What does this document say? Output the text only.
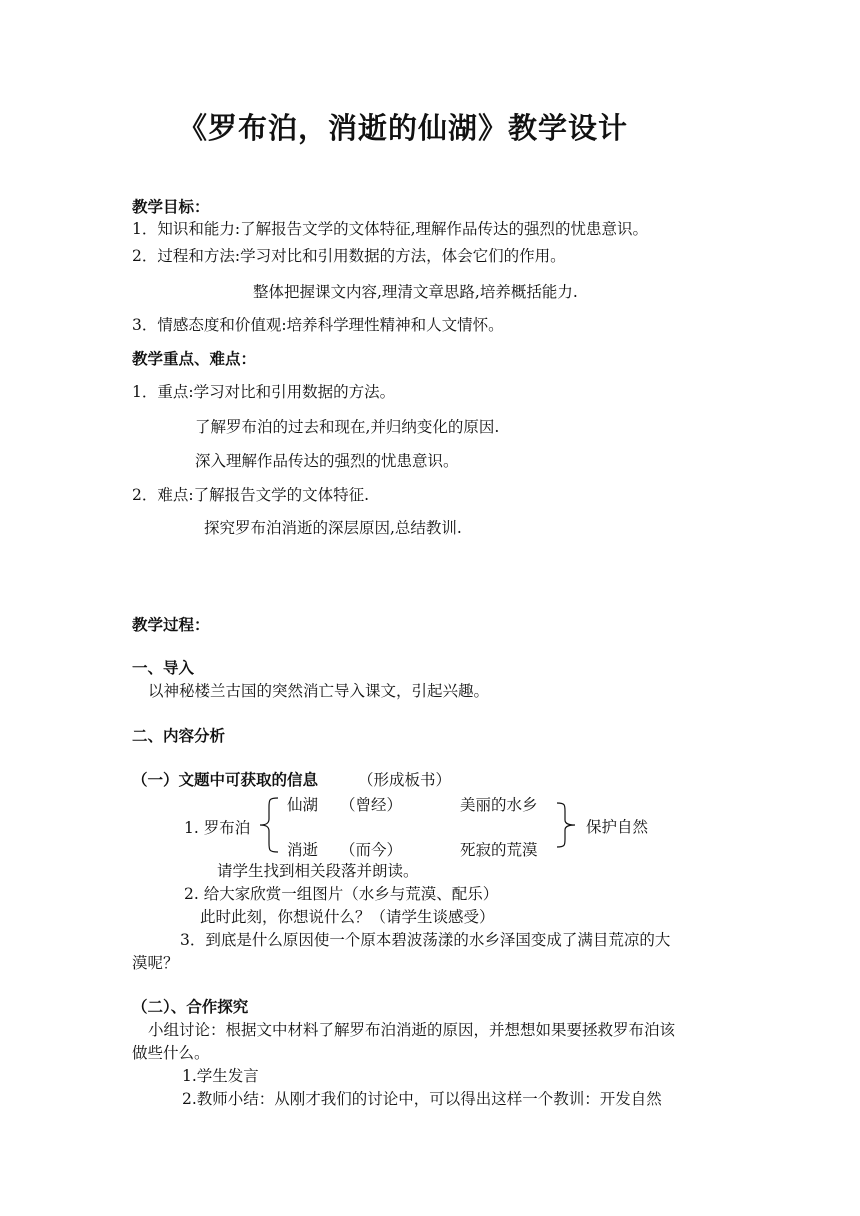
《罗布泊，消逝的仙湖》教学设计
教学目标：
1．知识和能力:了解报告文学的文体特征,理解作品传达的强烈的忧患意识。
2．过程和方法:学习对比和引用数据的方法，体会它们的作用。
整体把握课文内容,理清文章思路,培养概括能力.
3．情感态度和价值观:培养科学理性精神和人文情怀。
教学重点、难点：
1．重点:学习对比和引用数据的方法。
了解罗布泊的过去和现在,并归纳变化的原因.
深入理解作品传达的强烈的忧患意识。
2．难点:了解报告文学的文体特征.
探究罗布泊消逝的深层原因,总结教训.
教学过程：
一、导入
以神秘楼兰古国的突然消亡导入课文，引起兴趣。
二、内容分析
（一）文题中可获取的信息	（形成板书）
1. 罗布泊
仙湖 （曾经）	美丽的水乡
消逝 （而今）	死寂的荒漠
保护自然
请学生找到相关段落并朗读。
2. 给大家欣赏一组图片（水乡与荒漠、配乐）
此时此刻，你想说什么？（请学生谈感受）
3．到底是什么原因使一个原本碧波荡漾的水乡泽国变成了满目荒凉的大
漠呢？
（二）、合作探究
小组讨论：根据文中材料了解罗布泊消逝的原因，并想想如果要拯救罗布泊该
做些什么。
1.学生发言
2.教师小结：从刚才我们的讨论中，可以得出这样一个教训：开发自然
